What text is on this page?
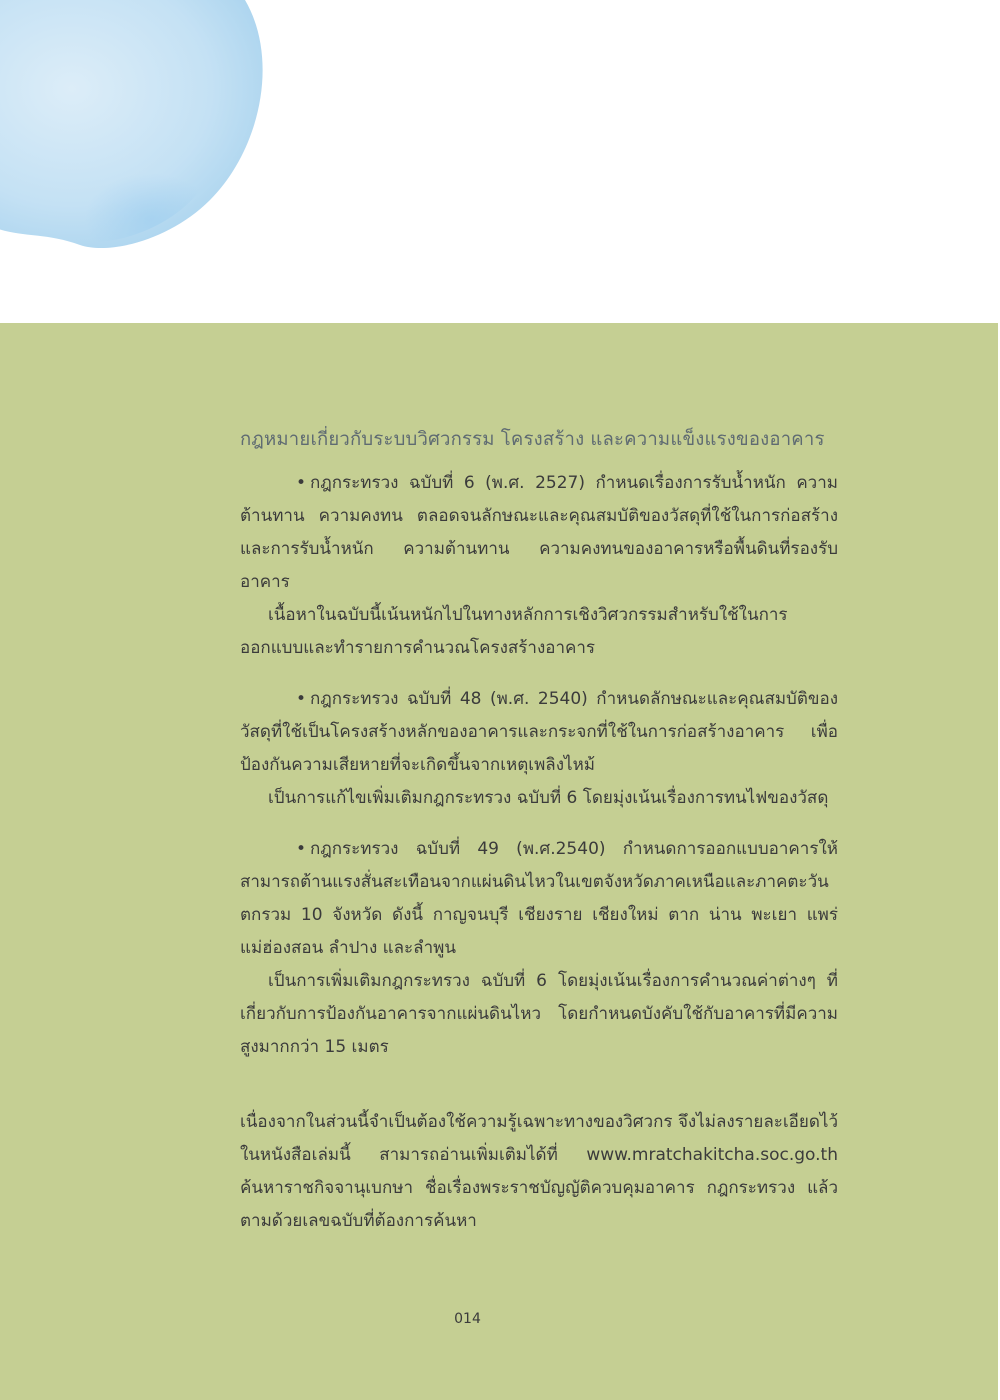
กฎหมายเกี่ยวกับระบบวิศวกรรม โครงสร้าง และความแข็งแรงของอาคาร

• กฎกระทรวง ฉบับที่ 6 (พ.ศ. 2527) กำหนดเรื่องการรับน้ำหนัก ความต้านทาน ความคงทน ตลอดจนลักษณะและคุณสมบัติของวัสดุที่ใช้ในการก่อสร้าง และการรับน้ำหนัก ความต้านทาน ความคงทนของอาคารหรือพื้นดินที่รองรับอาคาร

เนื้อหาในฉบับนี้เน้นหนักไปในทางหลักการเชิงวิศวกรรมสำหรับใช้ในการออกแบบและทำรายการคำนวณโครงสร้างอาคาร

• กฎกระทรวง ฉบับที่ 48 (พ.ศ. 2540) กำหนดลักษณะและคุณสมบัติของวัสดุที่ใช้เป็นโครงสร้างหลักของอาคารและกระจกที่ใช้ในการก่อสร้างอาคาร เพื่อป้องกันความเสียหายที่จะเกิดขึ้นจากเหตุเพลิงไหม้

เป็นการแก้ไขเพิ่มเติมกฎกระทรวง ฉบับที่ 6 โดยมุ่งเน้นเรื่องการทนไฟของวัสดุ

• กฎกระทรวง ฉบับที่ 49 (พ.ศ.2540) กำหนดการออกแบบอาคารให้สามารถต้านแรงสั่นสะเทือนจากแผ่นดินไหวในเขตจังหวัดภาคเหนือและภาคตะวันตกรวม 10 จังหวัด ดังนี้ กาญจนบุรี เชียงราย เชียงใหม่ ตาก น่าน พะเยา แพร่ แม่ฮ่องสอน ลำปาง และลำพูน

เป็นการเพิ่มเติมกฎกระทรวง ฉบับที่ 6 โดยมุ่งเน้นเรื่องการคำนวณค่าต่างๆ ที่เกี่ยวกับการป้องกันอาคารจากแผ่นดินไหว โดยกำหนดบังคับใช้กับอาคารที่มีความสูงมากกว่า 15 เมตร

เนื่องจากในส่วนนี้จำเป็นต้องใช้ความรู้เฉพาะทางของวิศวกร จึงไม่ลงรายละเอียดไว้ในหนังสือเล่มนี้ สามารถอ่านเพิ่มเติมได้ที่ www.mratchakitcha.soc.go.th ค้นหาราชกิจจานุเบกษา ชื่อเรื่องพระราชบัญญัติควบคุมอาคาร กฎกระทรวง แล้วตามด้วยเลขฉบับที่ต้องการค้นหา

014
